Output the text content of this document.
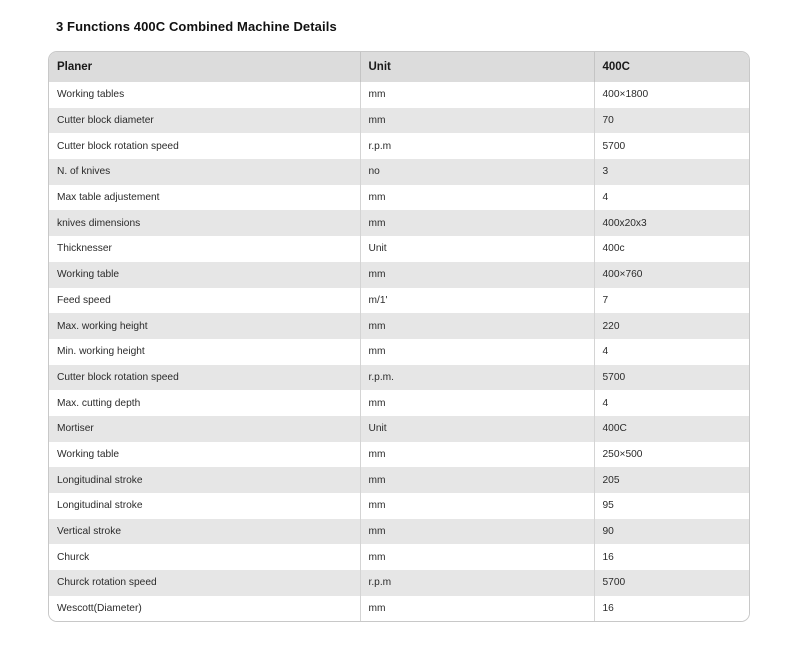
3 Functions 400C Combined Machine Details
Planer	Unit	400C
Working tables	mm	400×1800
Cutter block diameter	mm	70
Cutter block rotation speed	r.p.m	5700
N. of knives	no	3
Max table adjustement	mm	4
knives dimensions	mm	400x20x3
Thicknesser	Unit	400c
Working table	mm	400×760
Feed speed	m/1'	7
Max. working height	mm	220
Min. working height	mm	4
Cutter block rotation speed	r.p.m.	5700
Max. cutting depth	mm	4
Mortiser	Unit	400C
Working table	mm	250×500
Longitudinal stroke	mm	205
Longitudinal stroke	mm	95
Vertical stroke	mm	90
Churck	mm	16
Churck rotation speed	r.p.m	5700
Wescott(Diameter)	mm	16
